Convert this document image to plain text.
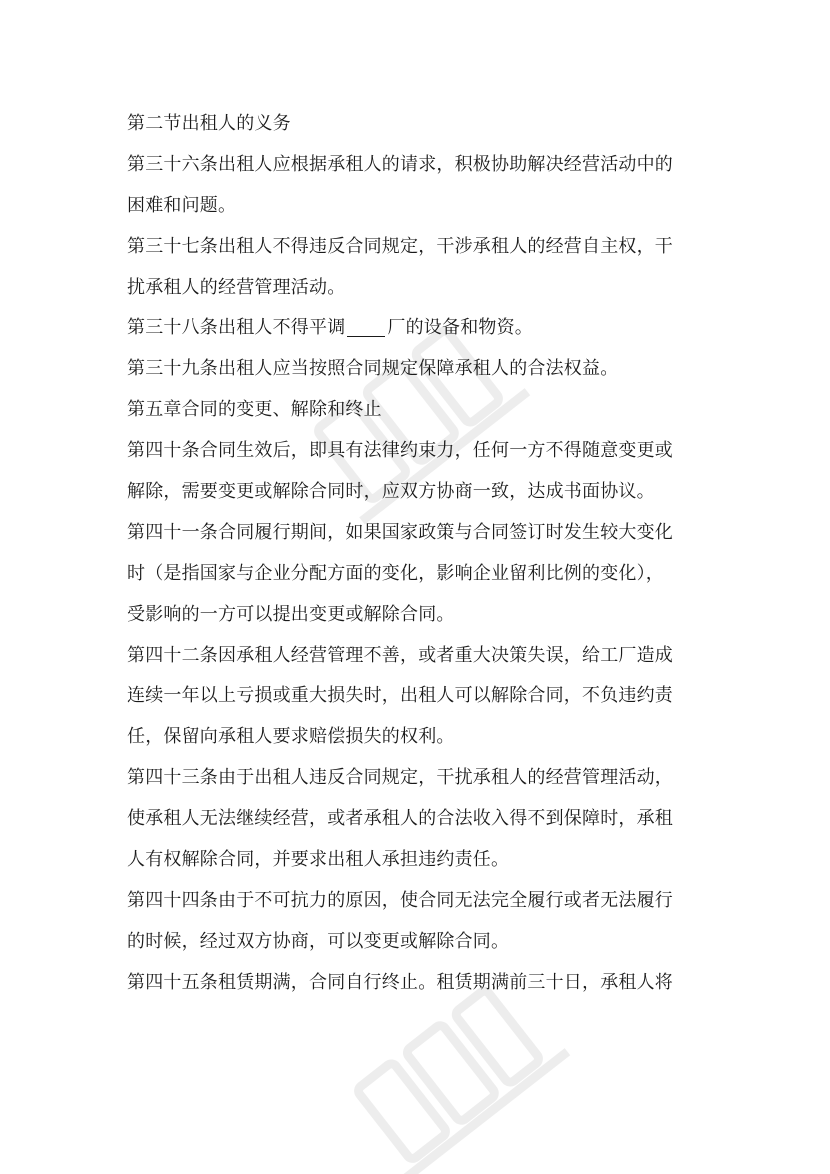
第二节出租人的义务
第三十六条出租人应根据承租人的请求，积极协助解决经营活动中的
困难和问题。
第三十七条出租人不得违反合同规定，干涉承租人的经营自主权，干
扰承租人的经营管理活动。
第三十八条出租人不得平调 厂的设备和物资。
第三十九条出租人应当按照合同规定保障承租人的合法权益。
第五章合同的变更、解除和终止
第四十条合同生效后，即具有法律约束力，任何一方不得随意变更或
解除，需要变更或解除合同时，应双方协商一致，达成书面协议。
第四十一条合同履行期间，如果国家政策与合同签订时发生较大变化
时（是指国家与企业分配方面的变化，影响企业留利比例的变化），
受影响的一方可以提出变更或解除合同。
第四十二条因承租人经营管理不善，或者重大决策失误，给工厂造成
连续一年以上亏损或重大损失时，出租人可以解除合同，不负违约责
任，保留向承租人要求赔偿损失的权利。
第四十三条由于出租人违反合同规定，干扰承租人的经营管理活动，
使承租人无法继续经营，或者承租人的合法收入得不到保障时，承租
人有权解除合同，并要求出租人承担违约责任。
第四十四条由于不可抗力的原因，使合同无法完全履行或者无法履行
的时候，经过双方协商，可以变更或解除合同。
第四十五条租赁期满，合同自行终止。租赁期满前三十日，承租人将
